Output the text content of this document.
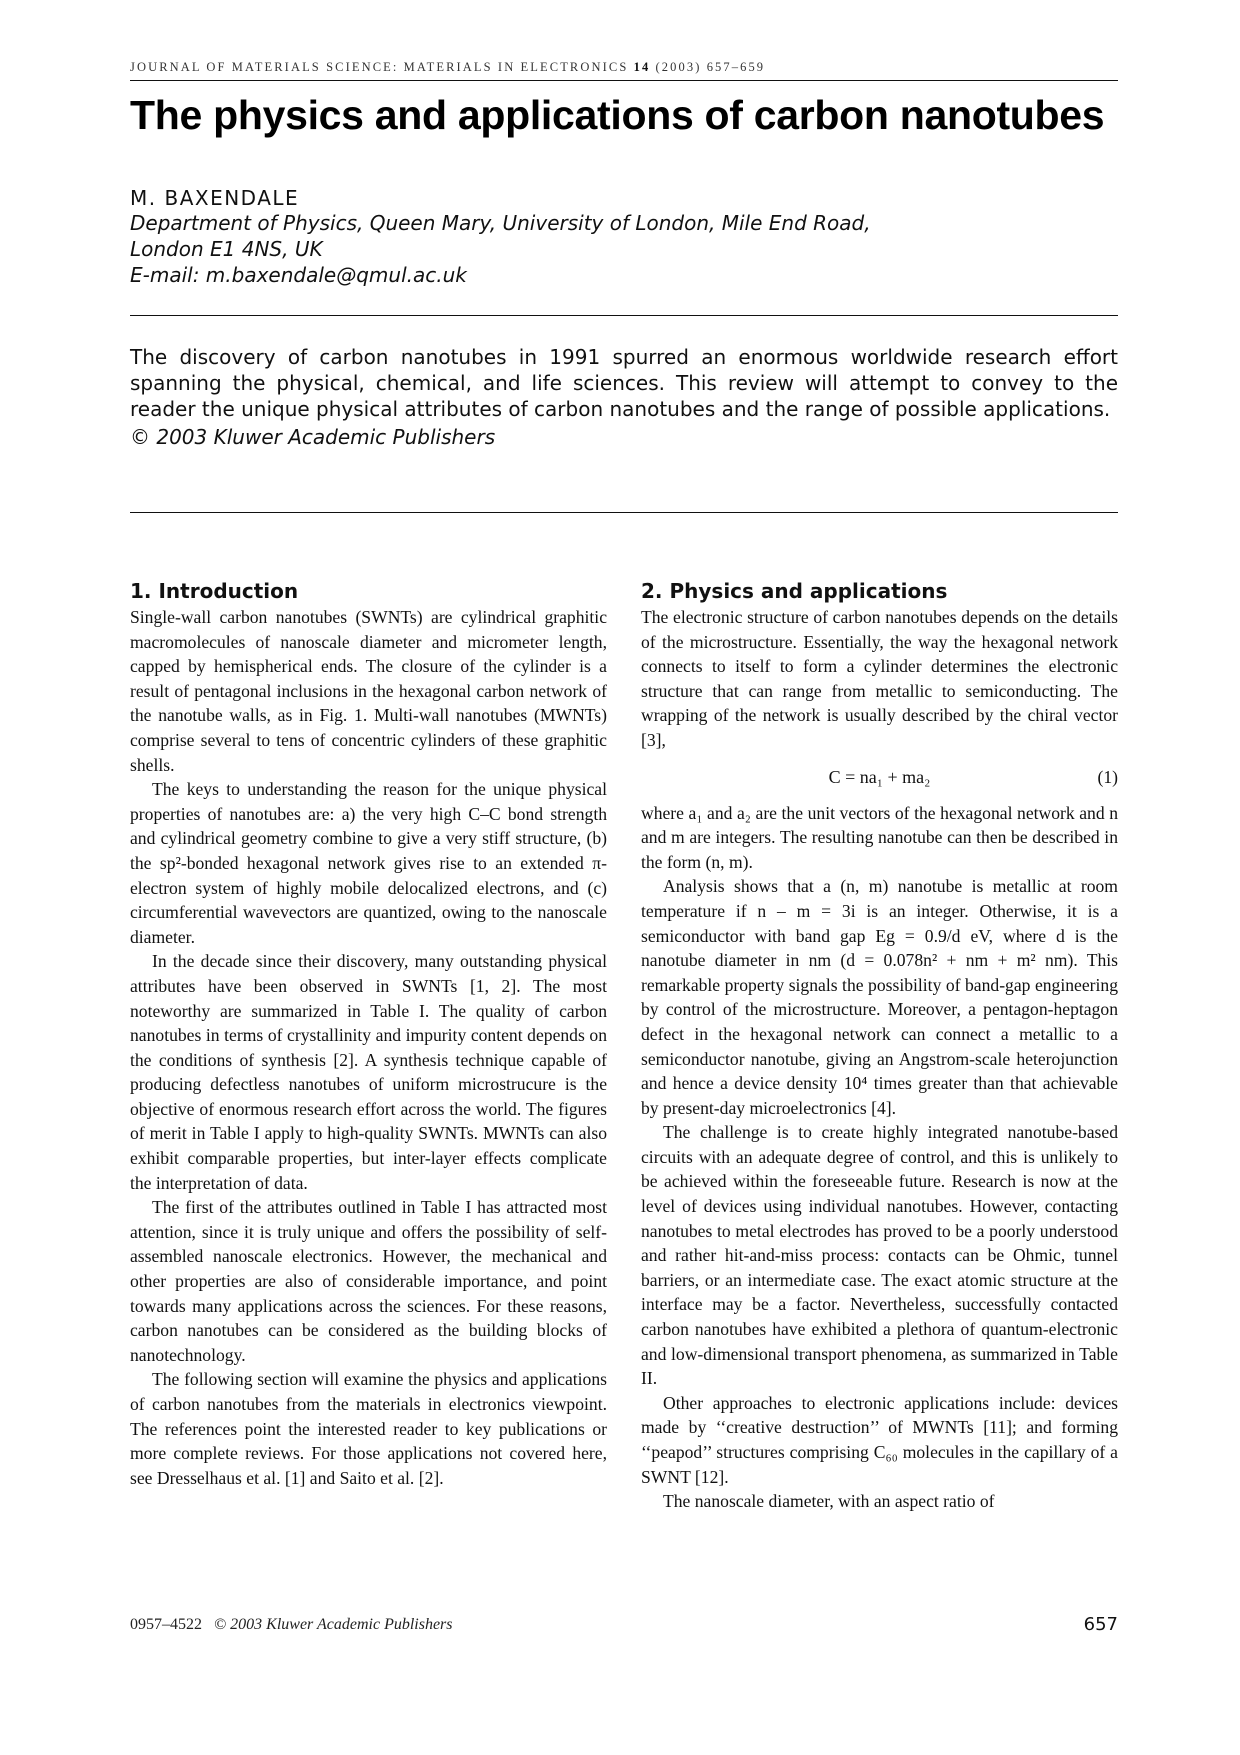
JOURNAL OF MATERIALS SCIENCE: MATERIALS IN ELECTRONICS 14 (2003) 657–659
The physics and applications of carbon nanotubes
M. BAXENDALE
Department of Physics, Queen Mary, University of London, Mile End Road,
London E1 4NS, UK
E-mail: m.baxendale@qmul.ac.uk

The discovery of carbon nanotubes in 1991 spurred an enormous worldwide research effort spanning the physical, chemical, and life sciences. This review will attempt to convey to the reader the unique physical attributes of carbon nanotubes and the range of possible applications.

© 2003 Kluwer Academic Publishers
1. Introduction

Single-wall carbon nanotubes (SWNTs) are cylindrical graphitic macromolecules of nanoscale diameter and micrometer length, capped by hemispherical ends. The closure of the cylinder is a result of pentagonal inclusions in the hexagonal carbon network of the nanotube walls, as in Fig. 1. Multi-wall nanotubes (MWNTs) comprise several to tens of concentric cylinders of these graphitic shells.

The keys to understanding the reason for the unique physical properties of nanotubes are: a) the very high C–C bond strength and cylindrical geometry combine to give a very stiff structure, (b) the sp²-bonded hexagonal network gives rise to an extended π-electron system of highly mobile delocalized electrons, and (c) circumferential wavevectors are quantized, owing to the nanoscale diameter.

In the decade since their discovery, many outstanding physical attributes have been observed in SWNTs [1, 2]. The most noteworthy are summarized in Table I. The quality of carbon nanotubes in terms of crystallinity and impurity content depends on the conditions of synthesis [2]. A synthesis technique capable of producing defectless nanotubes of uniform microstrucure is the objective of enormous research effort across the world. The figures of merit in Table I apply to high-quality SWNTs. MWNTs can also exhibit comparable properties, but inter-layer effects complicate the interpretation of data.

The first of the attributes outlined in Table I has attracted most attention, since it is truly unique and offers the possibility of self-assembled nanoscale electronics. However, the mechanical and other properties are also of considerable importance, and point towards many applications across the sciences. For these reasons, carbon nanotubes can be considered as the building blocks of nanotechnology.

The following section will examine the physics and applications of carbon nanotubes from the materials in electronics viewpoint. The references point the interested reader to key publications or more complete reviews. For those applications not covered here, see Dresselhaus et al. [1] and Saito et al. [2].

2. Physics and applications

The electronic structure of carbon nanotubes depends on the details of the microstructure. Essentially, the way the hexagonal network connects to itself to form a cylinder determines the electronic structure that can range from metallic to semiconducting. The wrapping of the network is usually described by the chiral vector [3],

C = na₁ + ma₂	(1)

where a₁ and a₂ are the unit vectors of the hexagonal network and n and m are integers. The resulting nanotube can then be described in the form (n, m).

Analysis shows that a (n, m) nanotube is metallic at room temperature if n – m = 3i is an integer. Otherwise, it is a semiconductor with band gap Eg = 0.9/d eV, where d is the nanotube diameter in nm (d = 0.078n² + nm + m² nm). This remarkable property signals the possibility of band-gap engineering by control of the microstructure. Moreover, a pentagon-heptagon defect in the hexagonal network can connect a metallic to a semiconductor nanotube, giving an Angstrom-scale heterojunction and hence a device density 10⁴ times greater than that achievable by present-day microelectronics [4].

The challenge is to create highly integrated nanotube-based circuits with an adequate degree of control, and this is unlikely to be achieved within the foreseeable future. Research is now at the level of devices using individual nanotubes. However, contacting nanotubes to metal electrodes has proved to be a poorly understood and rather hit-and-miss process: contacts can be Ohmic, tunnel barriers, or an intermediate case. The exact atomic structure at the interface may be a factor. Nevertheless, successfully contacted carbon nanotubes have exhibited a plethora of quantum-electronic and low-dimensional transport phenomena, as summarized in Table II.

Other approaches to electronic applications include: devices made by ‘‘creative destruction’’ of MWNTs [11]; and forming ‘‘peapod’’ structures comprising C₆₀ molecules in the capillary of a SWNT [12].

The nanoscale diameter, with an aspect ratio of

0957–4522 © 2003 Kluwer Academic Publishers	657
